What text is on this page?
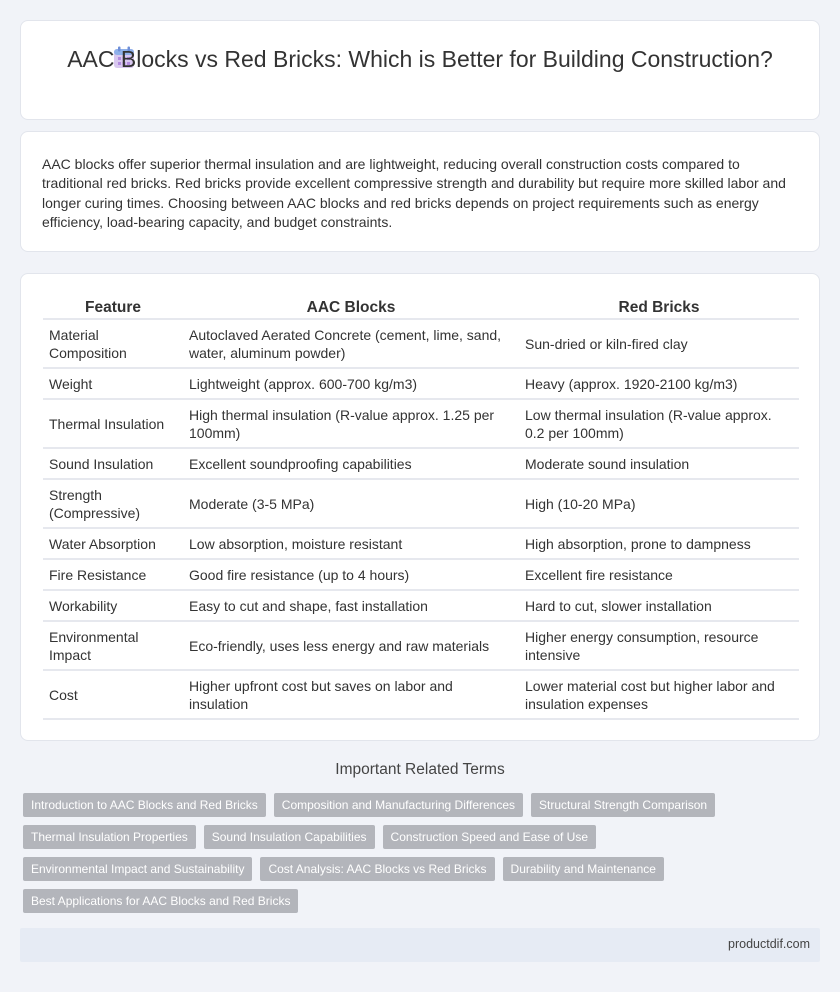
AAC Blocks vs Red Bricks: Which is Better for Building Construction?

AAC blocks offer superior thermal insulation and are lightweight, reducing overall construction costs compared to traditional red bricks. Red bricks provide excellent compressive strength and durability but require more skilled labor and longer curing times. Choosing between AAC blocks and red bricks depends on project requirements such as energy efficiency, load-bearing capacity, and budget constraints.

Feature	AAC Blocks	Red Bricks
Material Composition	Autoclaved Aerated Concrete (cement, lime, sand, water, aluminum powder)	Sun-dried or kiln-fired clay
Weight	Lightweight (approx. 600-700 kg/m3)	Heavy (approx. 1920-2100 kg/m3)
Thermal Insulation	High thermal insulation (R-value approx. 1.25 per 100mm)	Low thermal insulation (R-value approx. 0.2 per 100mm)
Sound Insulation	Excellent soundproofing capabilities	Moderate sound insulation
Strength (Compressive)	Moderate (3-5 MPa)	High (10-20 MPa)
Water Absorption	Low absorption, moisture resistant	High absorption, prone to dampness
Fire Resistance	Good fire resistance (up to 4 hours)	Excellent fire resistance
Workability	Easy to cut and shape, fast installation	Hard to cut, slower installation
Environmental Impact	Eco-friendly, uses less energy and raw materials	Higher energy consumption, resource intensive
Cost	Higher upfront cost but saves on labor and insulation	Lower material cost but higher labor and insulation expenses
Important Related Terms
Introduction to AAC Blocks and Red Bricks	Composition and Manufacturing Differences	Structural Strength Comparison
Thermal Insulation Properties	Sound Insulation Capabilities	Construction Speed and Ease of Use
Environmental Impact and Sustainability	Cost Analysis: AAC Blocks vs Red Bricks	Durability and Maintenance
Best Applications for AAC Blocks and Red Bricks
productdif.com
